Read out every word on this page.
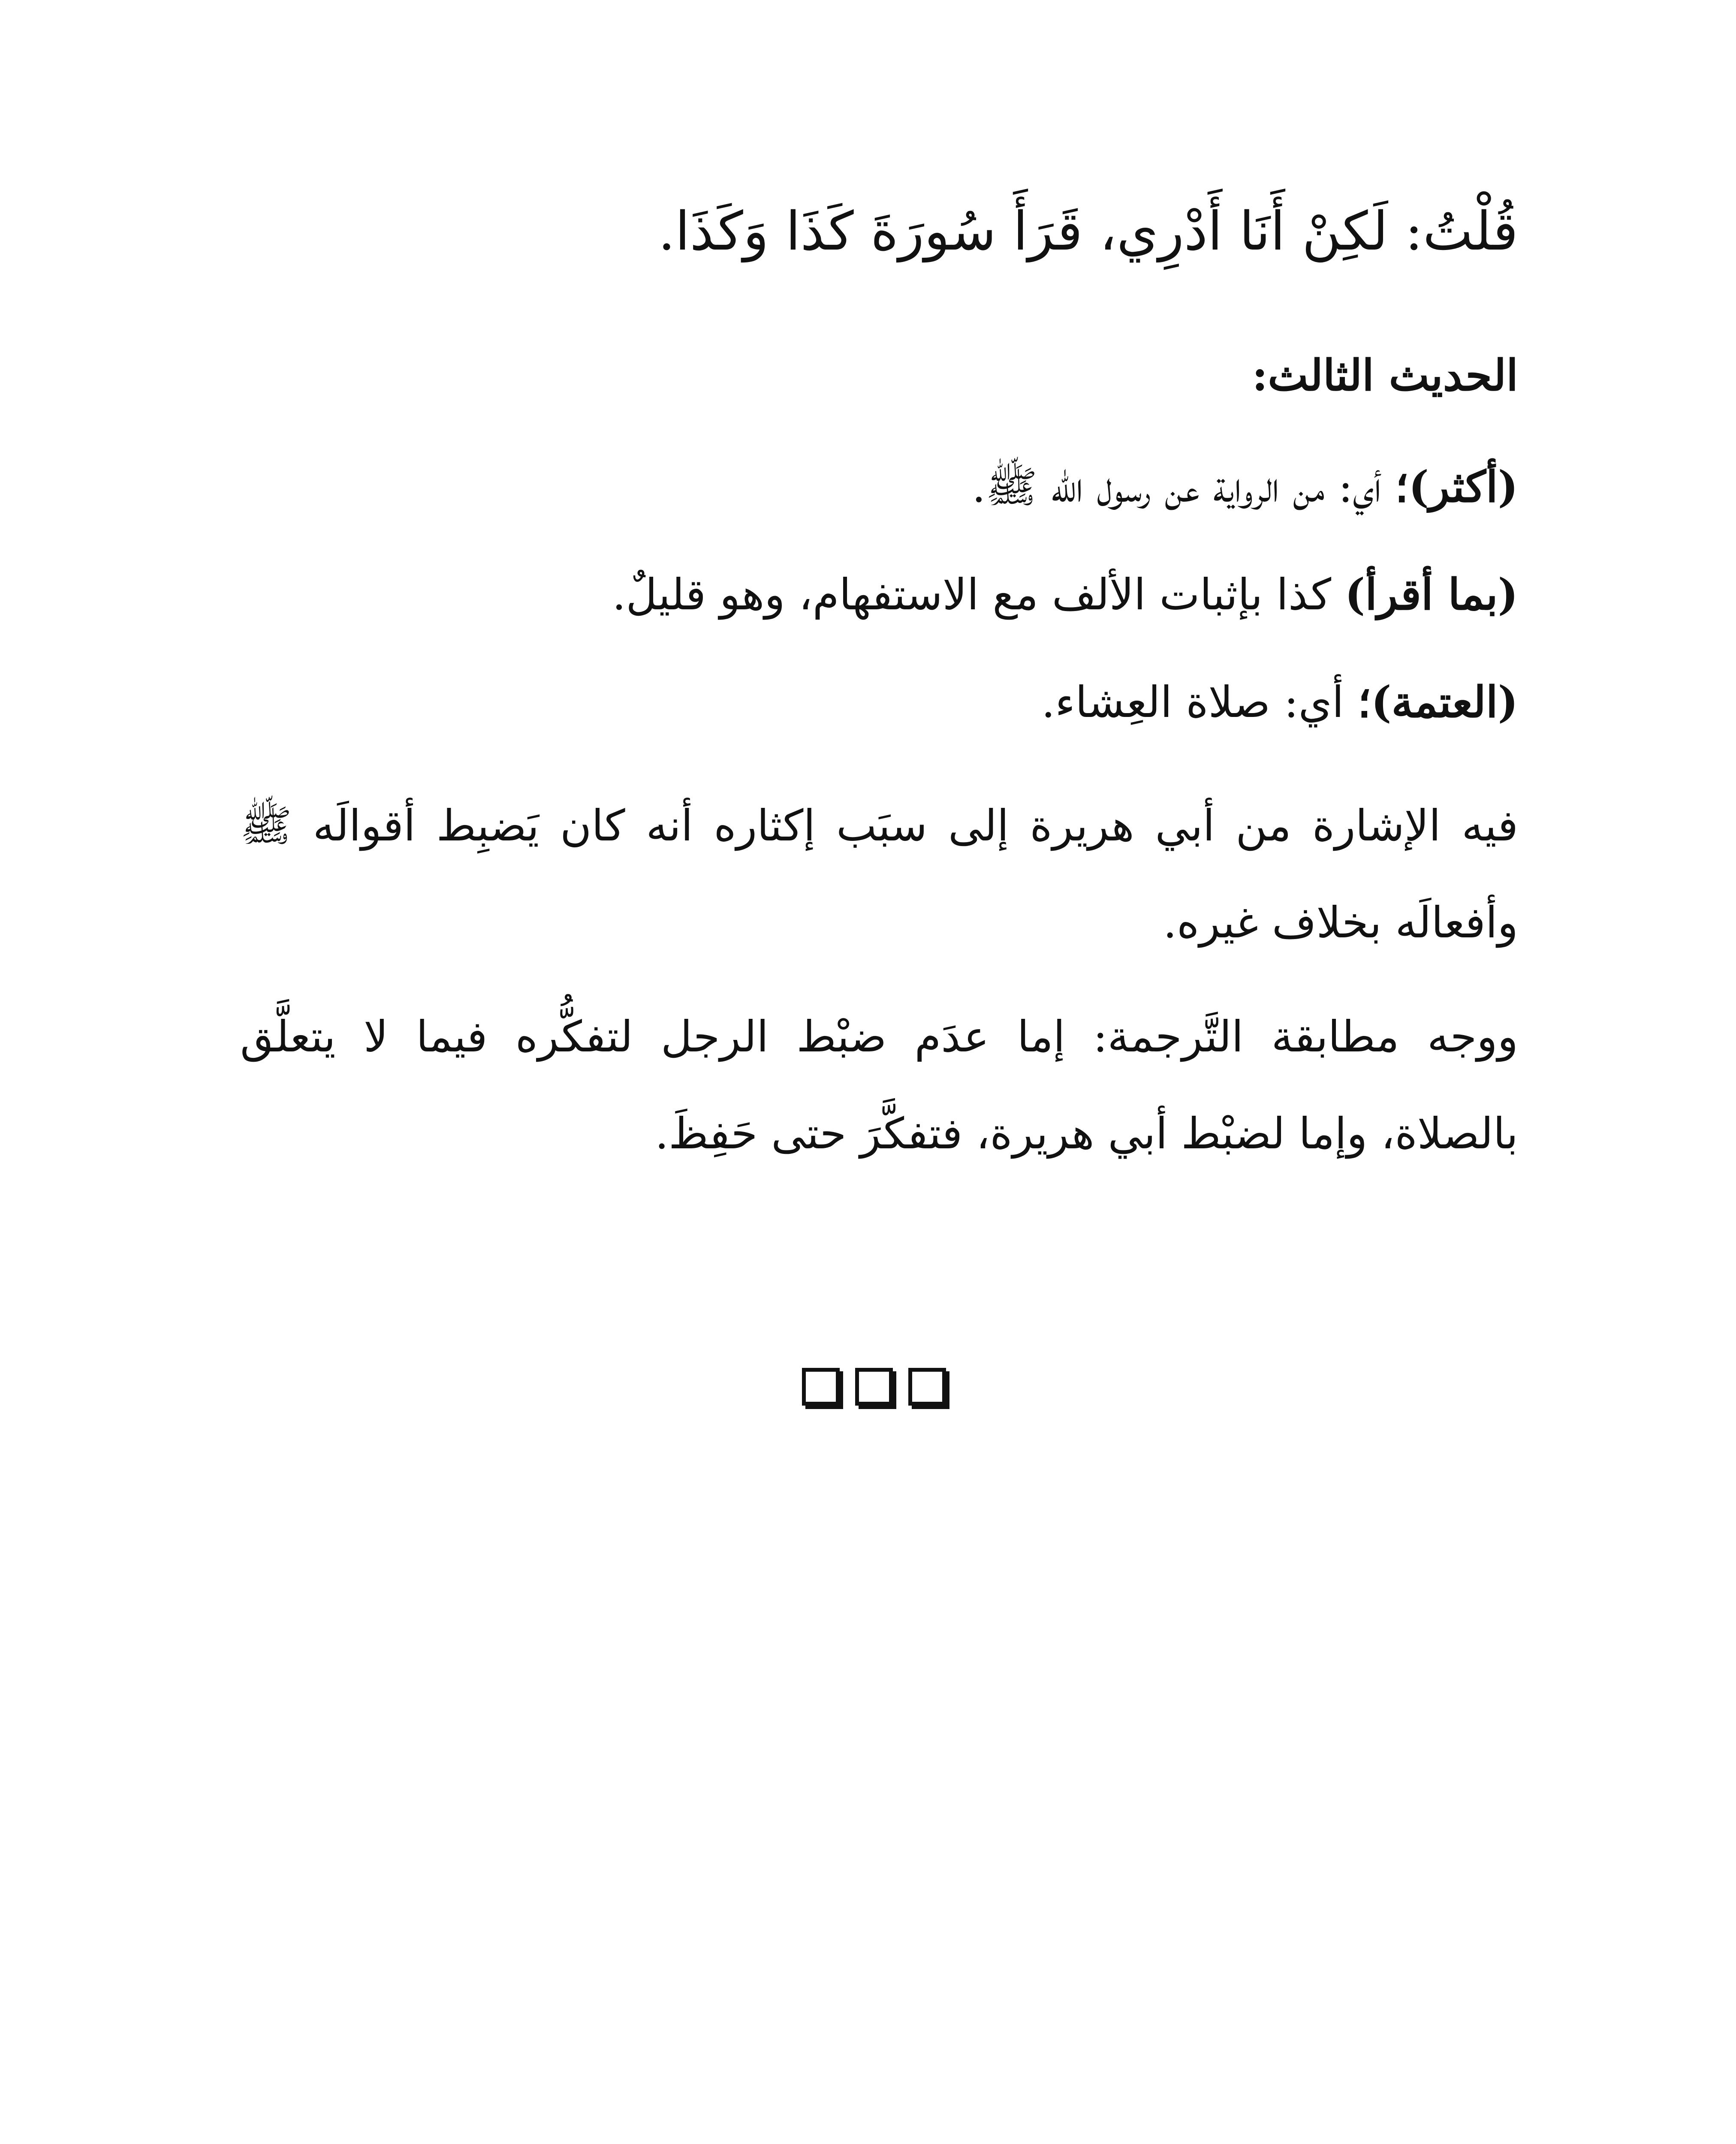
قُلْتُ: لَكِنْ أَنَا أَدْرِي، قَرَأَ سُورَةَ كَذَا وَكَذَا.

الحديث الثالث:

(أكثر)؛ أي: من الرواية عن رسول الله ﷺ.

(بما أقرأ) كذا بإثبات الألف مع الاستفهام، وهو قليلٌ.

(العتمة)؛ أي: صلاة العِشاء.

فيه الإشارة من أبي هريرة إلى سبَب إكثاره أنه كان يَضبِط أقوالَه ﷺ وأفعالَه بخلاف غيره.

ووجه مطابقة التَّرجمة: إما عدَم ضبْط الرجل لتفكُّره فيما لا يتعلَّق بالصلاة، وإما لضبْط أبي هريرة، فتفكَّرَ حتى حَفِظَ.
